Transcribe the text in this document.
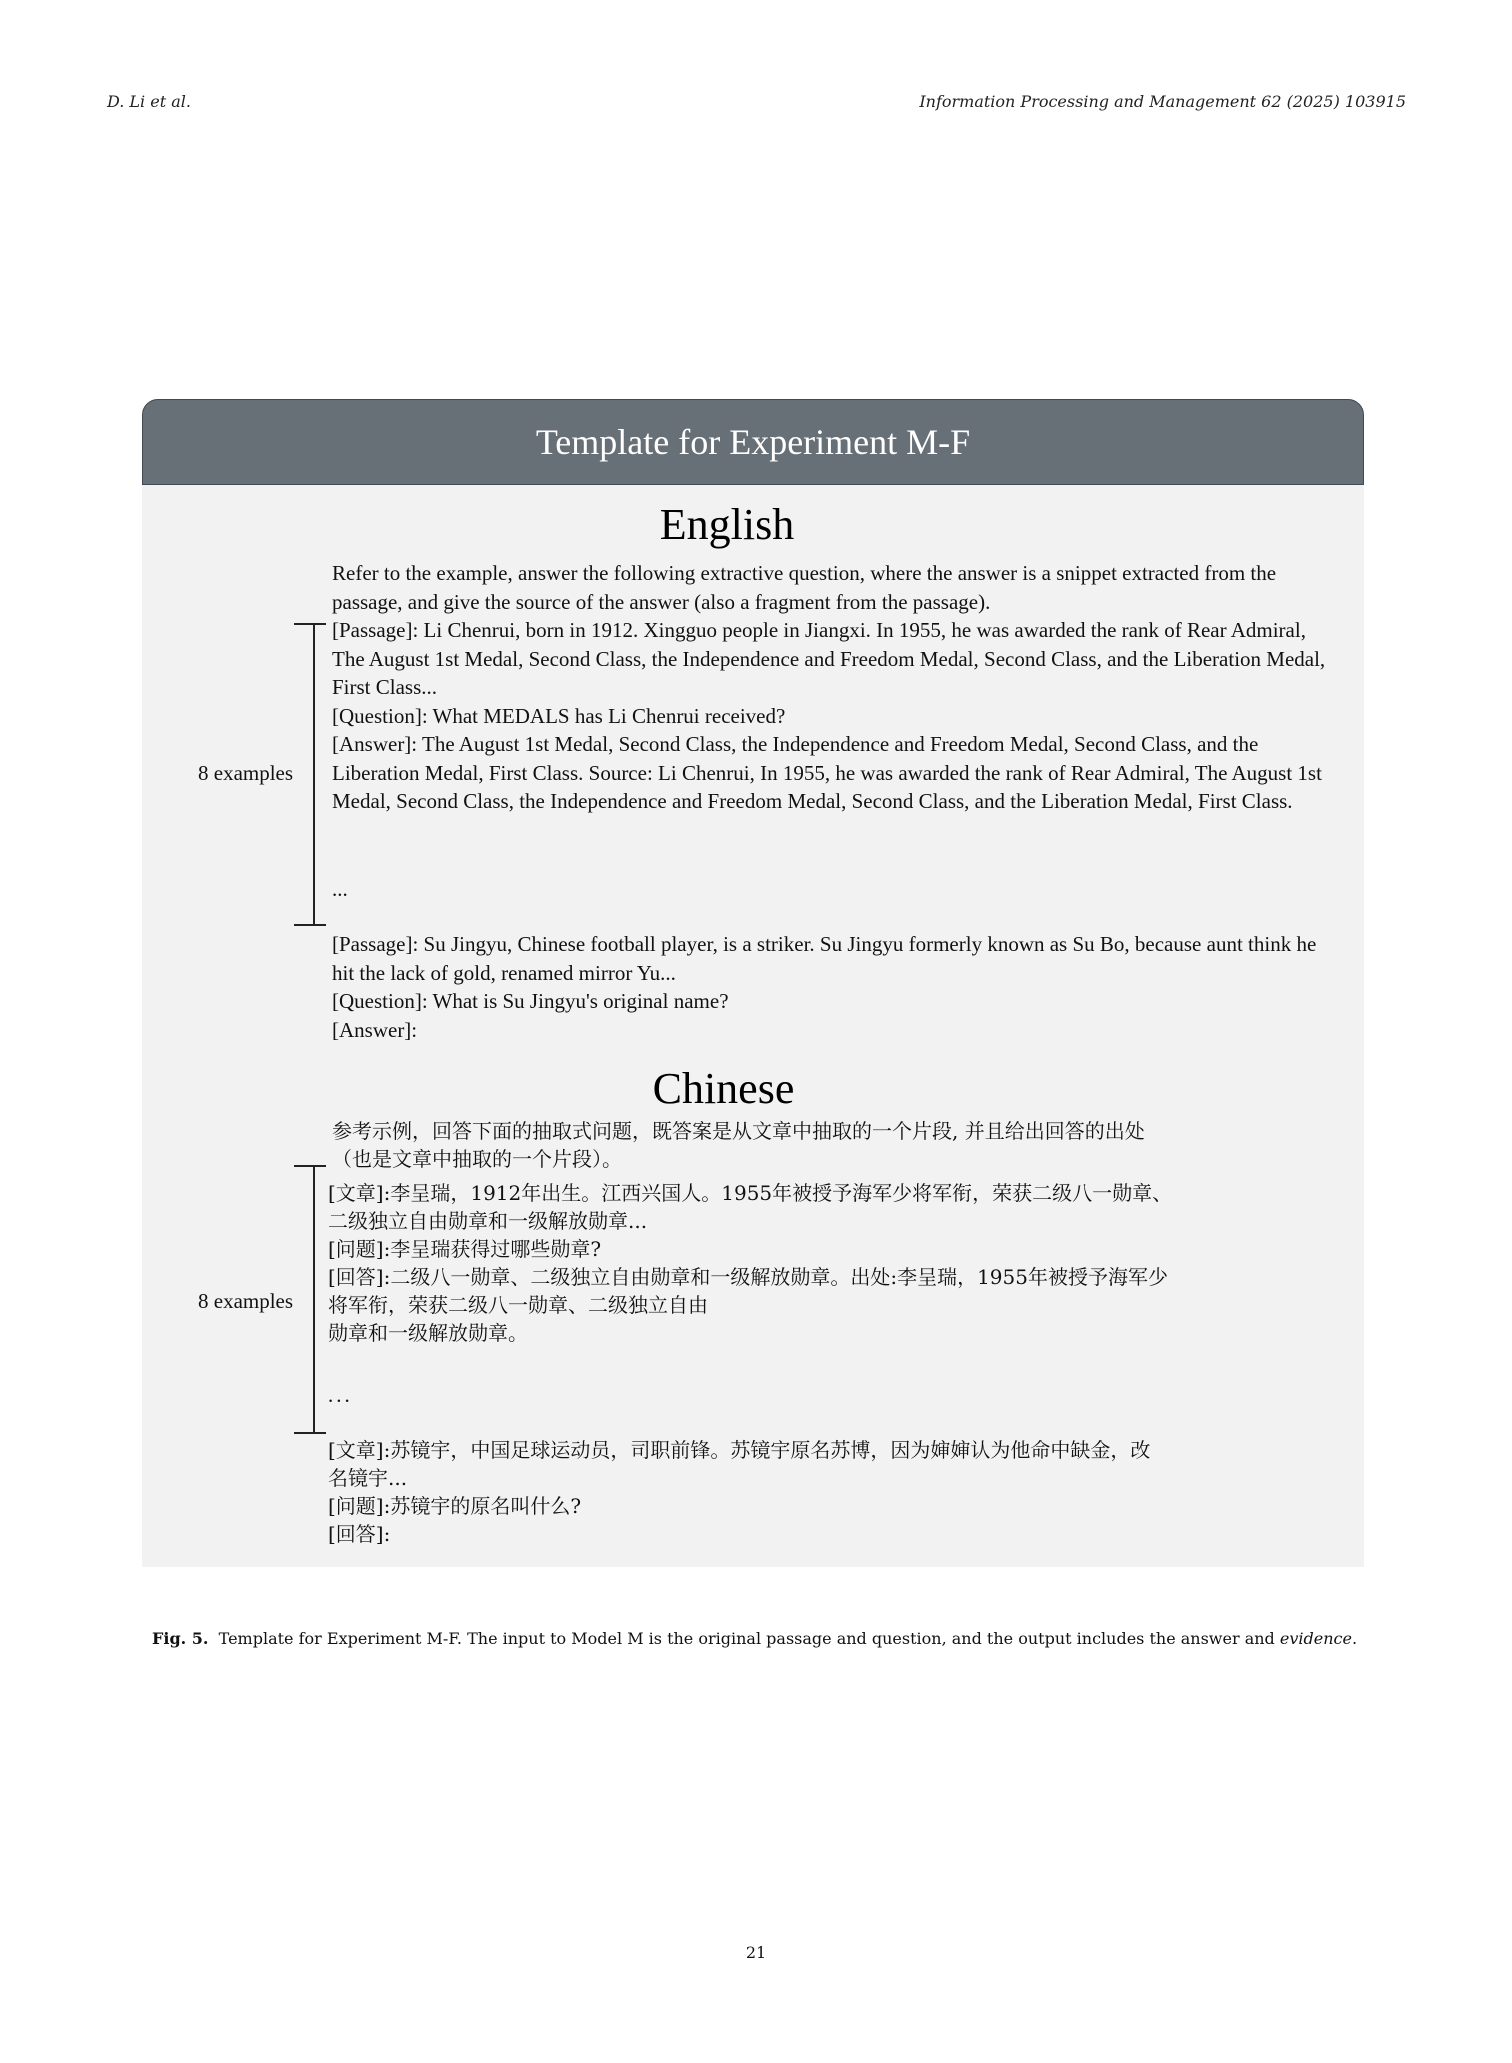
D. Li et al.	Information Processing and Management 62 (2025) 103915
Template for Experiment M-F
English

Refer to the example, answer the following extractive question, where the answer is a snippet extracted from the passage, and give the source of the answer (also a fragment from the passage).

8 examples

[Passage]: Li Chenrui, born in 1912. Xingguo people in Jiangxi. In 1955, he was awarded the rank of Rear Admiral, The August 1st Medal, Second Class, the Independence and Freedom Medal, Second Class, and the Liberation Medal, First Class...

[Question]: What MEDALS has Li Chenrui received?

[Answer]: The August 1st Medal, Second Class, the Independence and Freedom Medal, Second Class, and the Liberation Medal, First Class. Source: Li Chenrui, In 1955, he was awarded the rank of Rear Admiral, The August 1st Medal, Second Class, the Independence and Freedom Medal, Second Class, and the Liberation Medal, First Class.

...

[Passage]: Su Jingyu, Chinese football player, is a striker. Su Jingyu formerly known as Su Bo, because aunt think he hit the lack of gold, renamed mirror Yu...

[Question]: What is Su Jingyu's original name?

[Answer]:

Chinese

参考示例，回答下面的抽取式问题，既答案是从文章中抽取的一个片段, 并且给出回答的出处

（也是文章中抽取的一个片段）。

8 examples

[文章]:李呈瑞，1912年出生。江西兴国人。1955年被授予海军少将军衔，荣获二级八一勋章、

二级独立自由勋章和一级解放勋章...

[问题]:李呈瑞获得过哪些勋章?

[回答]:二级八一勋章、二级独立自由勋章和一级解放勋章。出处:李呈瑞，1955年被授予海军少

将军衔，荣获二级八一勋章、二级独立自由

勋章和一级解放勋章。

...

[文章]:苏镜宇，中国足球运动员，司职前锋。苏镜宇原名苏博，因为婶婶认为他命中缺金，改

名镜宇...

[问题]:苏镜宇的原名叫什么?

[回答]:

Fig. 5. Template for Experiment M-F. The input to Model M is the original passage and question, and the output includes the answer and evidence.
21
